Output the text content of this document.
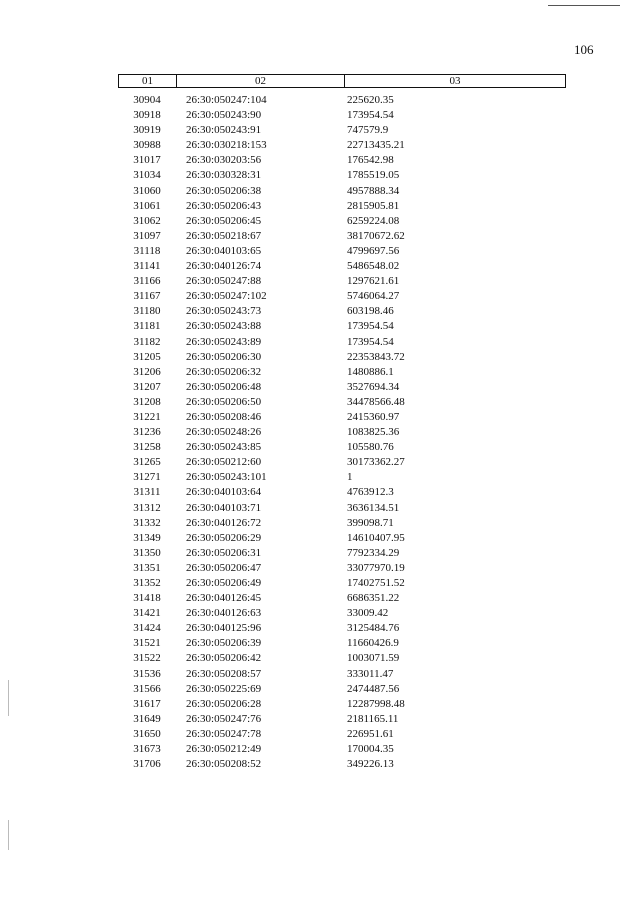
106
01	02	03
30904	26:30:050247:104	225620.35
30918	26:30:050243:90	173954.54
30919	26:30:050243:91	747579.9
30988	26:30:030218:153	22713435.21
31017	26:30:030203:56	176542.98
31034	26:30:030328:31	1785519.05
31060	26:30:050206:38	4957888.34
31061	26:30:050206:43	2815905.81
31062	26:30:050206:45	6259224.08
31097	26:30:050218:67	38170672.62
31118	26:30:040103:65	4799697.56
31141	26:30:040126:74	5486548.02
31166	26:30:050247:88	1297621.61
31167	26:30:050247:102	5746064.27
31180	26:30:050243:73	603198.46
31181	26:30:050243:88	173954.54
31182	26:30:050243:89	173954.54
31205	26:30:050206:30	22353843.72
31206	26:30:050206:32	1480886.1
31207	26:30:050206:48	3527694.34
31208	26:30:050206:50	34478566.48
31221	26:30:050208:46	2415360.97
31236	26:30:050248:26	1083825.36
31258	26:30:050243:85	105580.76
31265	26:30:050212:60	30173362.27
31271	26:30:050243:101	1
31311	26:30:040103:64	4763912.3
31312	26:30:040103:71	3636134.51
31332	26:30:040126:72	399098.71
31349	26:30:050206:29	14610407.95
31350	26:30:050206:31	7792334.29
31351	26:30:050206:47	33077970.19
31352	26:30:050206:49	17402751.52
31418	26:30:040126:45	6686351.22
31421	26:30:040126:63	33009.42
31424	26:30:040125:96	3125484.76
31521	26:30:050206:39	11660426.9
31522	26:30:050206:42	1003071.59
31536	26:30:050208:57	333011.47
31566	26:30:050225:69	2474487.56
31617	26:30:050206:28	12287998.48
31649	26:30:050247:76	2181165.11
31650	26:30:050247:78	226951.61
31673	26:30:050212:49	170004.35
31706	26:30:050208:52	349226.13
